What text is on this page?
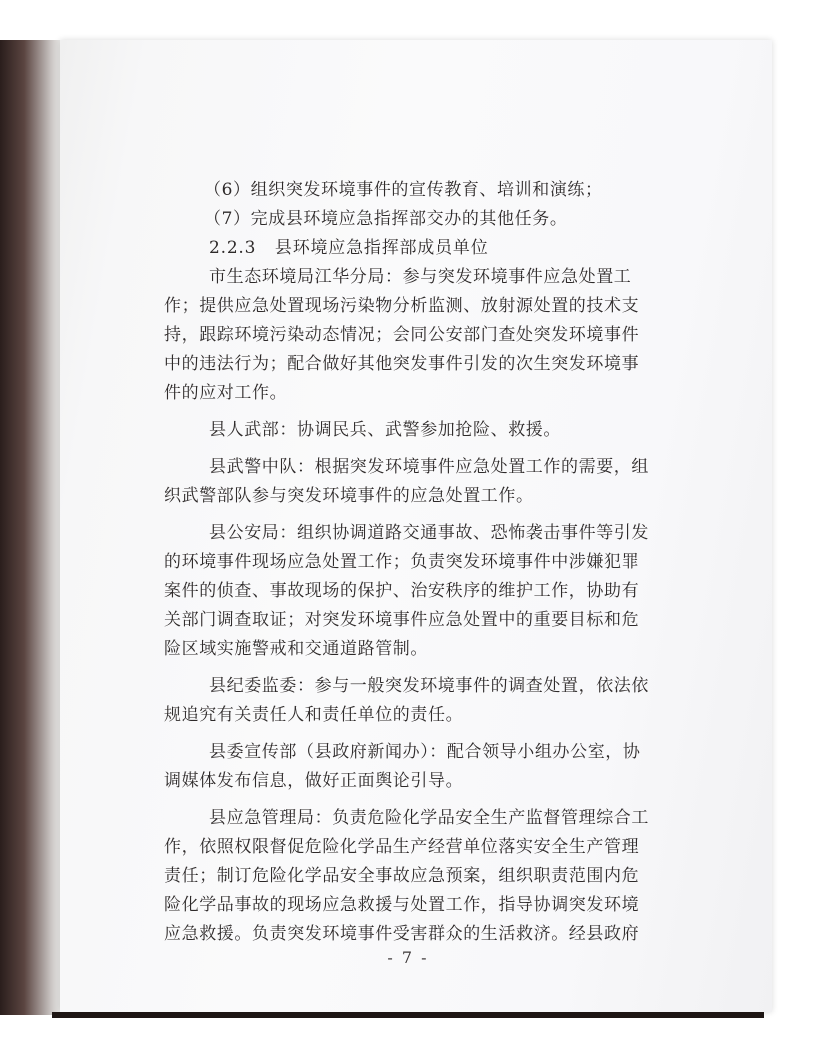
（6）组织突发环境事件的宣传教育、培训和演练；
（7）完成县环境应急指挥部交办的其他任务。
2.2.3 县环境应急指挥部成员单位
市生态环境局江华分局：参与突发环境事件应急处置工
作；提供应急处置现场污染物分析监测、放射源处置的技术支
持，跟踪环境污染动态情况；会同公安部门查处突发环境事件
中的违法行为；配合做好其他突发事件引发的次生突发环境事
件的应对工作。
县人武部：协调民兵、武警参加抢险、救援。
县武警中队：根据突发环境事件应急处置工作的需要，组
织武警部队参与突发环境事件的应急处置工作。
县公安局：组织协调道路交通事故、恐怖袭击事件等引发
的环境事件现场应急处置工作；负责突发环境事件中涉嫌犯罪
案件的侦查、事故现场的保护、治安秩序的维护工作，协助有
关部门调查取证；对突发环境事件应急处置中的重要目标和危
险区域实施警戒和交通道路管制。
县纪委监委：参与一般突发环境事件的调查处置，依法依
规追究有关责任人和责任单位的责任。
县委宣传部（县政府新闻办）：配合领导小组办公室，协
调媒体发布信息，做好正面舆论引导。
县应急管理局：负责危险化学品安全生产监督管理综合工
作，依照权限督促危险化学品生产经营单位落实安全生产管理
责任；制订危险化学品安全事故应急预案，组织职责范围内危
险化学品事故的现场应急救援与处置工作，指导协调突发环境
应急救援。负责突发环境事件受害群众的生活救济。经县政府
- 7 -
